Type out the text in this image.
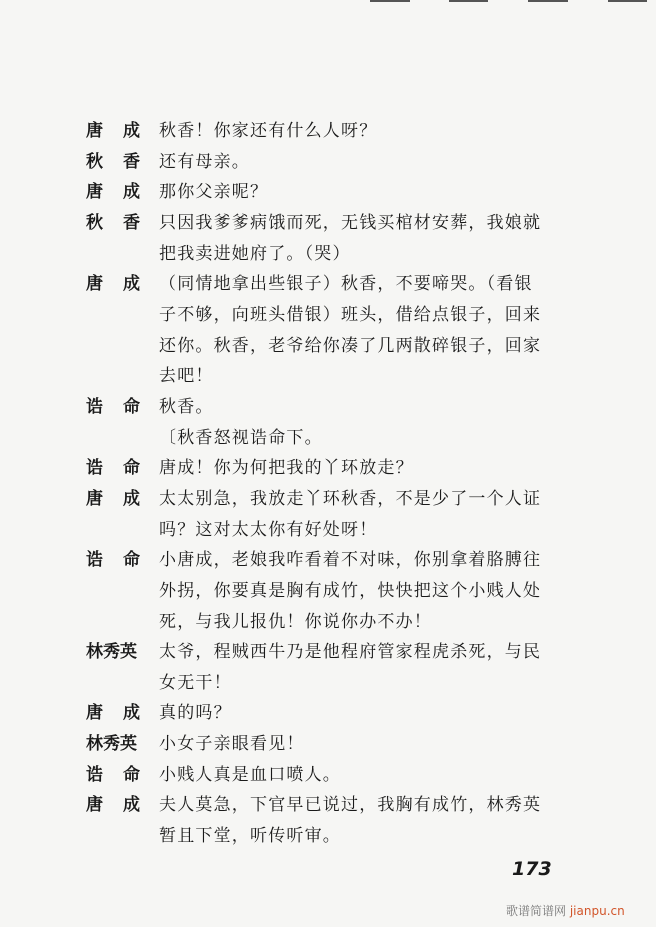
唐成 秋香！你家还有什么人呀？
秋香 还有母亲。
唐成 那你父亲呢？
秋香 只因我爹爹病饿而死，无钱买棺材安葬，我娘就
把我卖进她府了。（哭）
唐成 （同情地拿出些银子）秋香，不要啼哭。（看银
子不够，向班头借银）班头，借给点银子，回来
还你。秋香，老爷给你凑了几两散碎银子，回家
去吧！
诰命 秋香。
〔秋香怒视诰命下。
诰命 唐成！你为何把我的丫环放走？
唐成 太太别急，我放走丫环秋香，不是少了一个人证
吗？这对太太你有好处呀！
诰命 小唐成，老娘我咋看着不对味，你别拿着胳膊往
外拐，你要真是胸有成竹，快快把这个小贱人处
死，与我儿报仇！你说你办不办！
林秀英	太爷，程贼西牛乃是他程府管家程虎杀死，与民
女无干！
唐成 真的吗？
林秀英	小女子亲眼看见！
诰命 小贱人真是血口喷人。
唐成 夫人莫急，下官早已说过，我胸有成竹，林秀英
暂且下堂，听传听审。
173
歌谱简谱网 jianpu.cn
